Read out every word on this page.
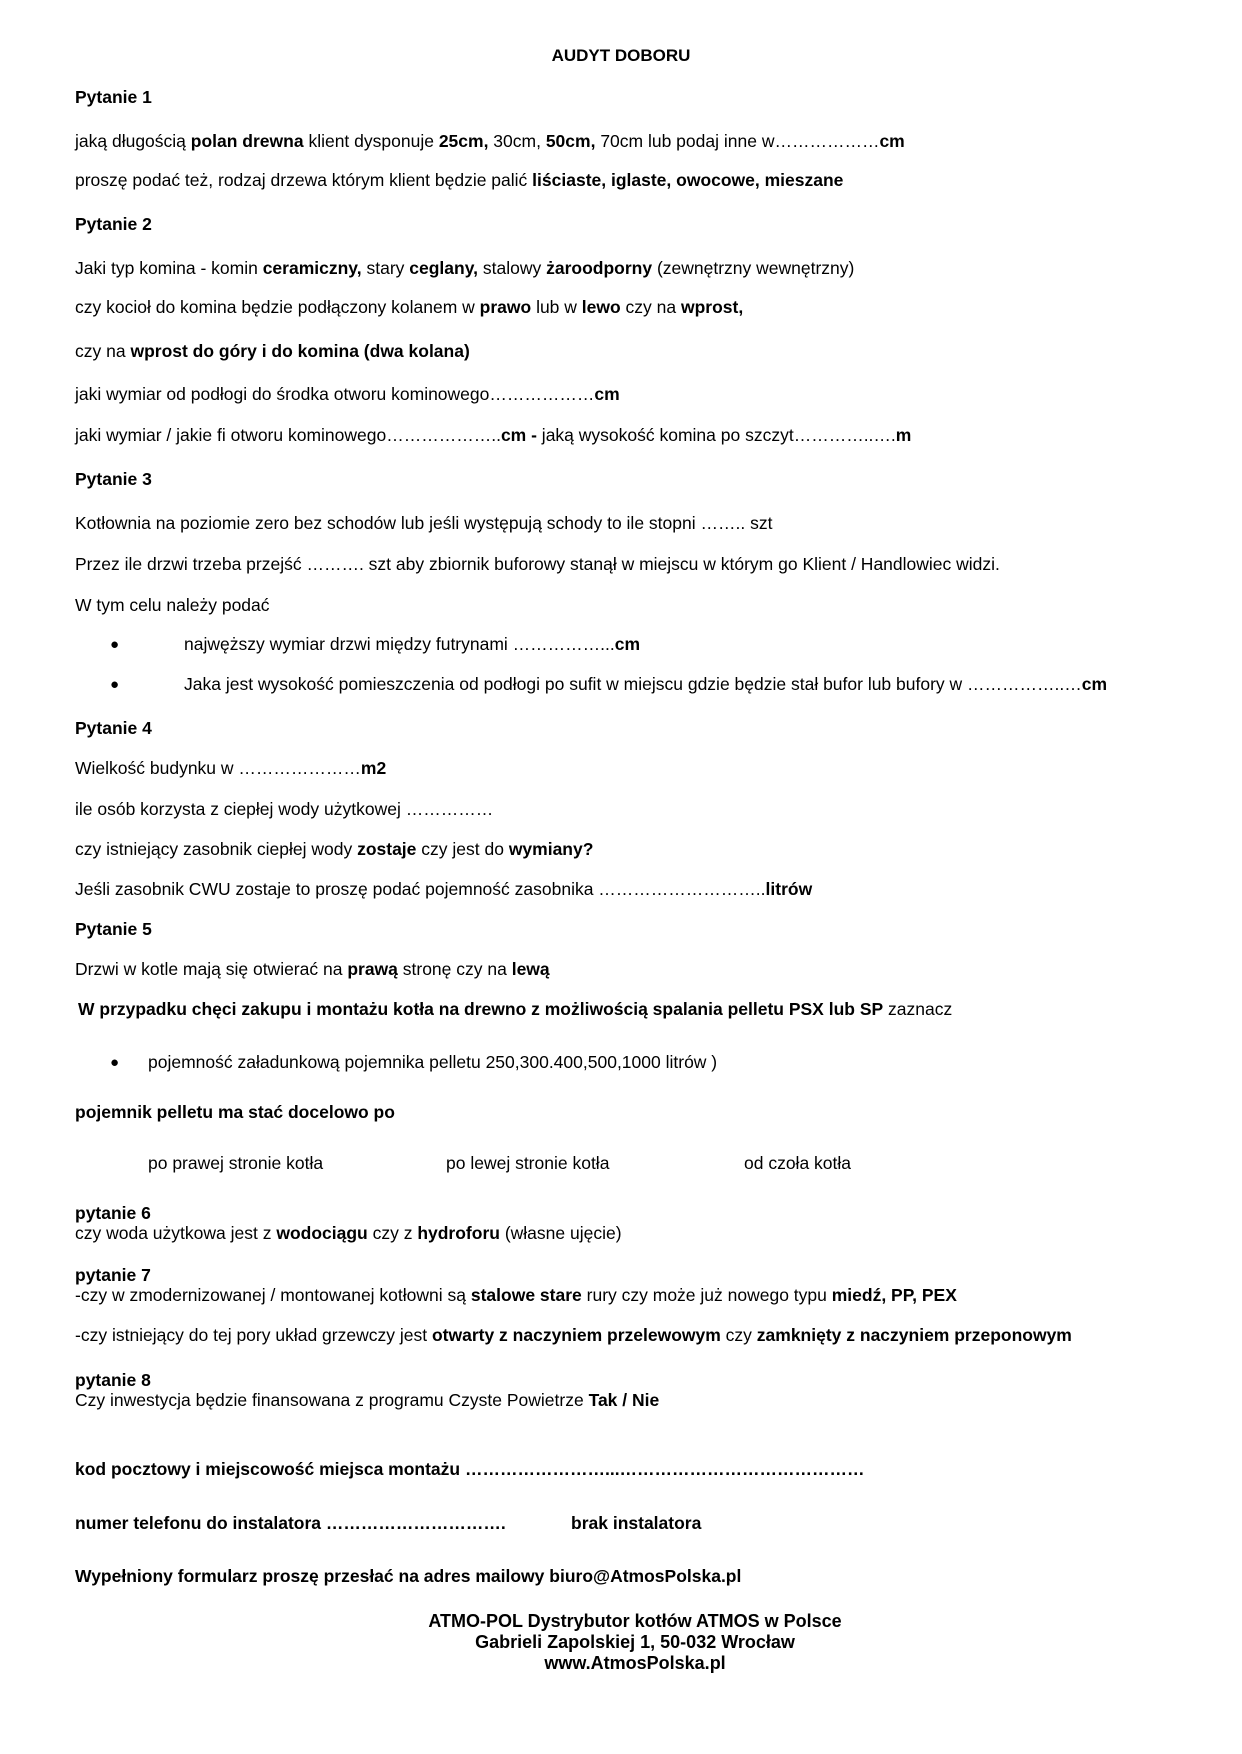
AUDYT DOBORU
Pytanie 1
jaką długością polan drewna klient dysponuje 25cm, 30cm, 50cm, 70cm lub podaj inne w………………cm
proszę podać też, rodzaj drzewa którym klient będzie palić liściaste, iglaste, owocowe, mieszane
Pytanie 2
Jaki typ komina - komin ceramiczny, stary ceglany, stalowy żaroodporny (zewnętrzny wewnętrzny)
czy kocioł do komina będzie podłączony kolanem w prawo lub w lewo czy na wprost,
czy na wprost do góry i do komina (dwa kolana)
jaki wymiar od podłogi do środka otworu kominowego………………cm
jaki wymiar / jakie fi otworu kominowego………………..cm - jaką wysokość komina po szczyt…………..….m
Pytanie 3
Kotłownia na poziomie zero bez schodów lub jeśli występują schody to ile stopni …….. szt
Przez ile drzwi trzeba przejść ………. szt aby zbiornik buforowy stanął w miejscu w którym go Klient / Handlowiec widzi.
W tym celu należy podać
●	najwęższy wymiar drzwi między futrynami ……………...cm
●	Jaka jest wysokość pomieszczenia od podłogi po sufit w miejscu gdzie będzie stał bufor lub bufory w ……………..…cm
Pytanie 4
Wielkość budynku w …………………m2
ile osób korzysta z ciepłej wody użytkowej ……………
czy istniejący zasobnik ciepłej wody zostaje czy jest do wymiany?
Jeśli zasobnik CWU zostaje to proszę podać pojemność zasobnika ………………………..litrów
Pytanie 5
Drzwi w kotle mają się otwierać na prawą stronę czy na lewą
W przypadku chęci zakupu i montażu kotła na drewno z możliwością spalania pelletu PSX lub SP zaznacz
● pojemność załadunkową pojemnika pelletu 250,300.400,500,1000 litrów )
pojemnik pelletu ma stać docelowo po
po prawej stronie kotła	po lewej stronie kotła	od czoła kotła
pytanie 6
czy woda użytkowa jest z wodociągu czy z hydroforu (własne ujęcie)
pytanie 7
-czy w zmodernizowanej / montowanej kotłowni są stalowe stare rury czy może już nowego typu miedź, PP, PEX
-czy istniejący do tej pory układ grzewczy jest otwarty z naczyniem przelewowym czy zamknięty z naczyniem przeponowym
pytanie 8
Czy inwestycja będzie finansowana z programu Czyste Powietrze Tak / Nie
kod pocztowy i miejscowość miejsca montażu ……………………...……………………………………
numer telefonu do instalatora ………………………….	brak instalatora
Wypełniony formularz proszę przesłać na adres mailowy biuro@AtmosPolska.pl
ATMO-POL Dystrybutor kotłów ATMOS w Polsce
Gabrieli Zapolskiej 1, 50-032 Wrocław
www.AtmosPolska.pl
